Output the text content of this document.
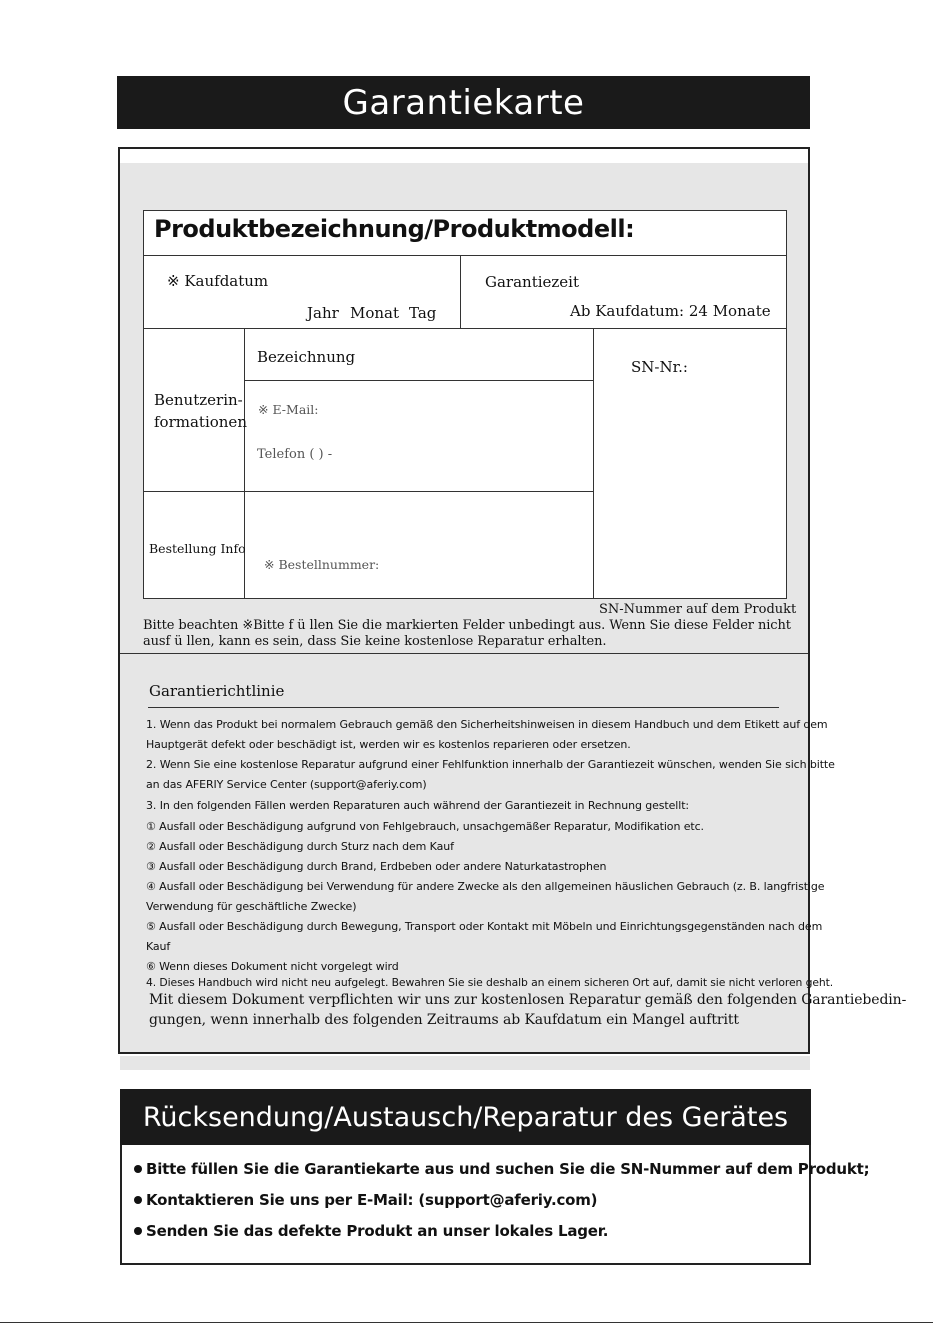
Garantiekarte
Produktbezeichnung/Produktmodell:
※ Kaufdatum
Jahr Monat Tag
Garantiezeit
Ab Kaufdatum: 24 Monate
Benutzerin-
formationen
Bezeichnung
※ E-Mail:
Telefon ( ) -
Bestellung Info
※ Bestellnummer:
SN-Nr.:
SN-Nummer auf dem Produkt
Bitte beachten ※Bitte f ü llen Sie die markierten Felder unbedingt aus. Wenn Sie diese Felder nicht
ausf ü llen, kann es sein, dass Sie keine kostenlose Reparatur erhalten.
Garantierichtlinie
1. Wenn das Produkt bei normalem Gebrauch gemäß den Sicherheitshinweisen in diesem Handbuch und dem Etikett auf dem
Hauptgerät defekt oder beschädigt ist, werden wir es kostenlos reparieren oder ersetzen.
2. Wenn Sie eine kostenlose Reparatur aufgrund einer Fehlfunktion innerhalb der Garantiezeit wünschen, wenden Sie sich bitte
an das AFERIY Service Center (support@aferiy.com)
3. In den folgenden Fällen werden Reparaturen auch während der Garantiezeit in Rechnung gestellt:
① Ausfall oder Beschädigung aufgrund von Fehlgebrauch, unsachgemäßer Reparatur, Modifikation etc.
② Ausfall oder Beschädigung durch Sturz nach dem Kauf
③ Ausfall oder Beschädigung durch Brand, Erdbeben oder andere Naturkatastrophen
④ Ausfall oder Beschädigung bei Verwendung für andere Zwecke als den allgemeinen häuslichen Gebrauch (z. B. langfristige
Verwendung für geschäftliche Zwecke)
⑤ Ausfall oder Beschädigung durch Bewegung, Transport oder Kontakt mit Möbeln und Einrichtungsgegenständen nach dem
Kauf
⑥ Wenn dieses Dokument nicht vorgelegt wird
4. Dieses Handbuch wird nicht neu aufgelegt. Bewahren Sie sie deshalb an einem sicheren Ort auf, damit sie nicht verloren geht.
Mit diesem Dokument verpflichten wir uns zur kostenlosen Reparatur gemäß den folgenden Garantiebedin-
gungen, wenn innerhalb des folgenden Zeitraums ab Kaufdatum ein Mangel auftritt
Rücksendung/Austausch/Reparatur des Gerätes
Bitte füllen Sie die Garantiekarte aus und suchen Sie die SN-Nummer auf dem Produkt;
Kontaktieren Sie uns per E-Mail: (support@aferiy.com)
Senden Sie das defekte Produkt an unser lokales Lager.
